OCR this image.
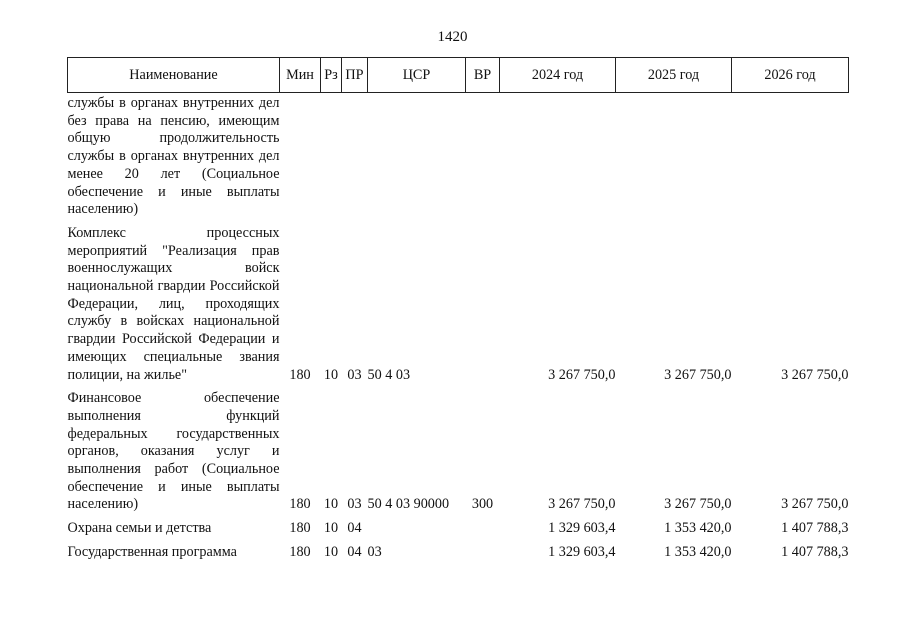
1420
Наименование	Мин	Рз	ПР	ЦСР	ВР	2024 год	2025 год	2026 год
службы в органах внутренних дел без права на пенсию, имеющим общую продолжительность службы в органах внутренних дел менее 20 лет (Социальное обеспечение и иные выплаты населению)								

Комплекс процессных мероприятий "Реализация прав военнослужащих войск национальной гвардии Российской Федерации, лиц, проходящих службу в войсках национальной гвардии Российской Федерации и имеющих специальные звания полиции, на жилье"	180	10	03	50 4 03		3 267 750,0	3 267 750,0	3 267 750,0

Финансовое обеспечение выполнения функций федеральных государственных органов, оказания услуг и выполнения работ (Социальное обеспечение и иные выплаты населению)	180	10	03	50 4 03 90000	300	3 267 750,0	3 267 750,0	3 267 750,0

Охрана семьи и детства	180	10	04			1 329 603,4	1 353 420,0	1 407 788,3

Государственная программа	180	10	04	03		1 329 603,4	1 353 420,0	1 407 788,3
